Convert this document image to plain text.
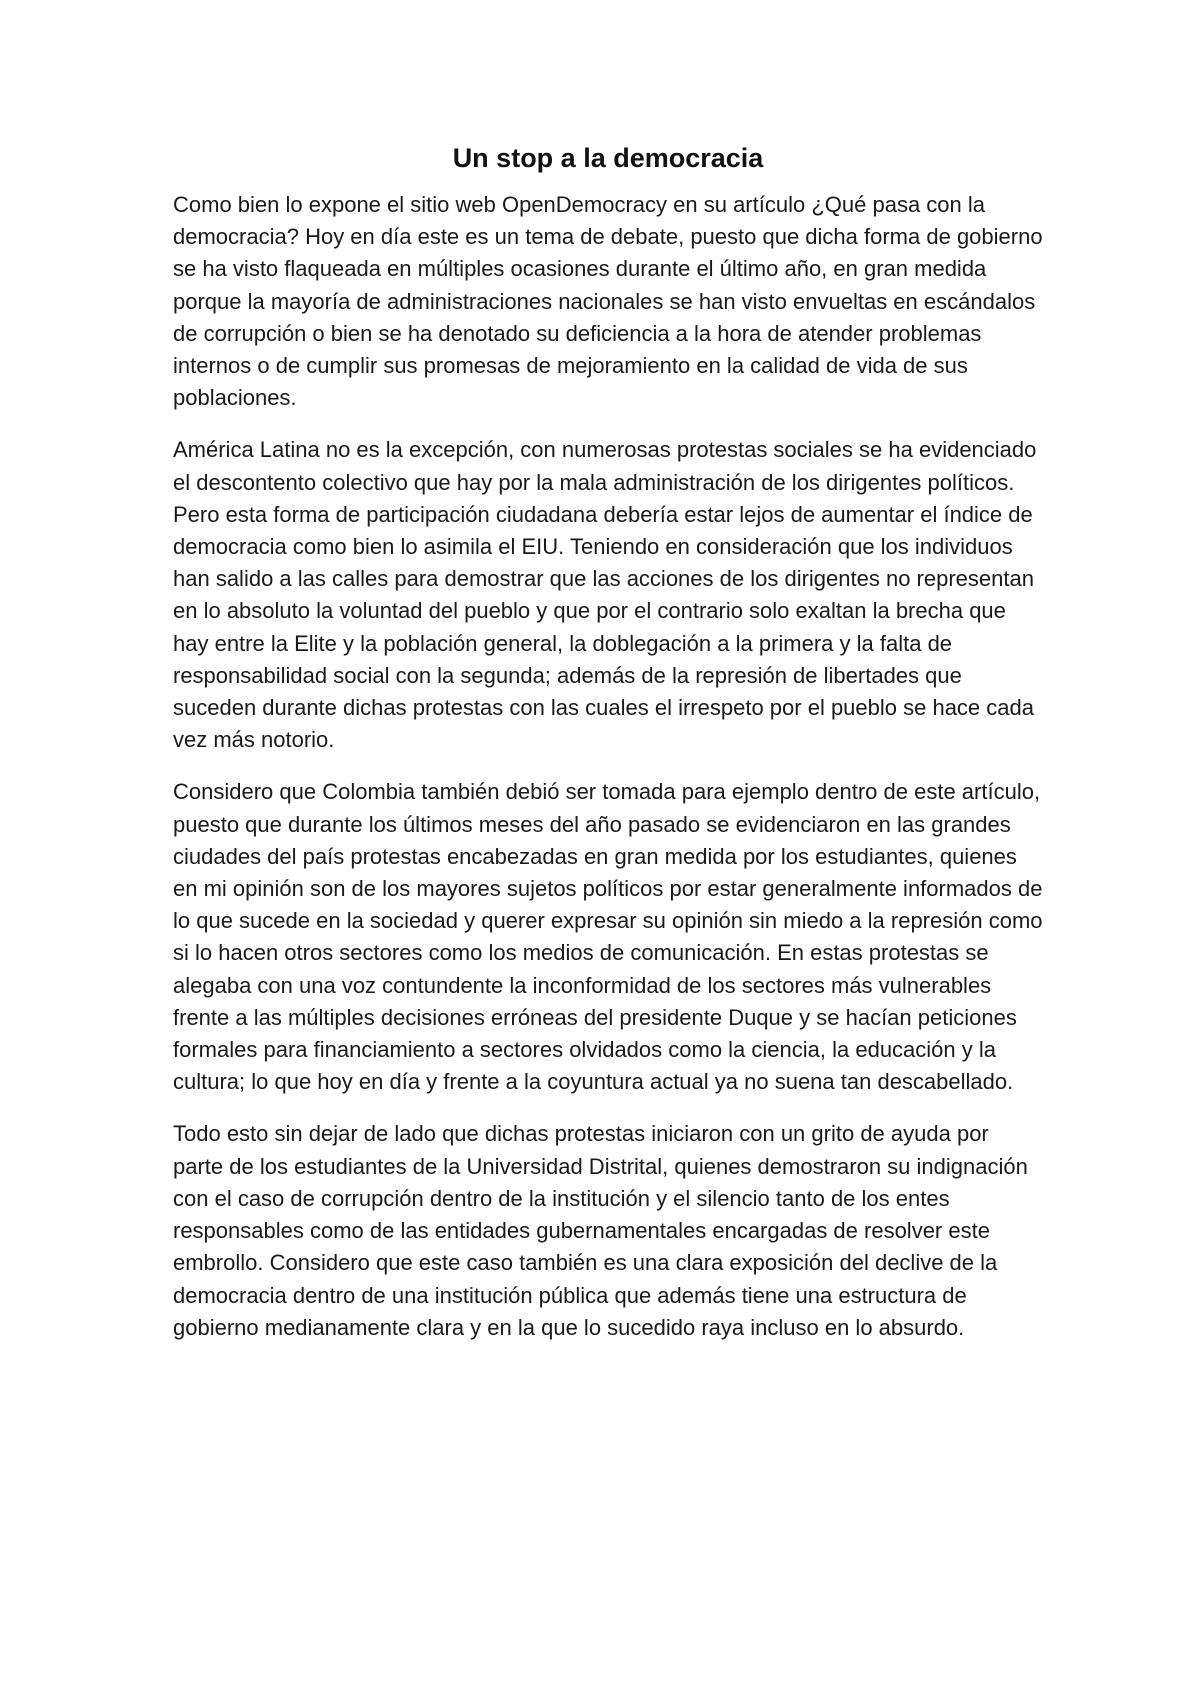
Un stop a la democracia

Como bien lo expone el sitio web OpenDemocracy en su artículo ¿Qué pasa con la democracia? Hoy en día este es un tema de debate, puesto que dicha forma de gobierno se ha visto flaqueada en múltiples ocasiones durante el último año, en gran medida porque la mayoría de administraciones nacionales se han visto envueltas en escándalos de corrupción o bien se ha denotado su deficiencia a la hora de atender problemas internos o de cumplir sus promesas de mejoramiento en la calidad de vida de sus poblaciones.

América Latina no es la excepción, con numerosas protestas sociales se ha evidenciado el descontento colectivo que hay por la mala administración de los dirigentes políticos. Pero esta forma de participación ciudadana debería estar lejos de aumentar el índice de democracia como bien lo asimila el EIU. Teniendo en consideración que los individuos han salido a las calles para demostrar que las acciones de los dirigentes no representan en lo absoluto la voluntad del pueblo y que por el contrario solo exaltan la brecha que hay entre la Elite y la población general, la doblegación a la primera y la falta de responsabilidad social con la segunda; además de la represión de libertades que suceden durante dichas protestas con las cuales el irrespeto por el pueblo se hace cada vez más notorio.

Considero que Colombia también debió ser tomada para ejemplo dentro de este artículo, puesto que durante los últimos meses del año pasado se evidenciaron en las grandes ciudades del país protestas encabezadas en gran medida por los estudiantes, quienes en mi opinión son de los mayores sujetos políticos por estar generalmente informados de lo que sucede en la sociedad y querer expresar su opinión sin miedo a la represión como si lo hacen otros sectores como los medios de comunicación. En estas protestas se alegaba con una voz contundente la inconformidad de los sectores más vulnerables frente a las múltiples decisiones erróneas del presidente Duque y se hacían peticiones formales para financiamiento a sectores olvidados como la ciencia, la educación y la cultura; lo que hoy en día y frente a la coyuntura actual ya no suena tan descabellado.

Todo esto sin dejar de lado que dichas protestas iniciaron con un grito de ayuda por parte de los estudiantes de la Universidad Distrital, quienes demostraron su indignación con el caso de corrupción dentro de la institución y el silencio tanto de los entes responsables como de las entidades gubernamentales encargadas de resolver este embrollo. Considero que este caso también es una clara exposición del declive de la democracia dentro de una institución pública que además tiene una estructura de gobierno medianamente clara y en la que lo sucedido raya incluso en lo absurdo.
